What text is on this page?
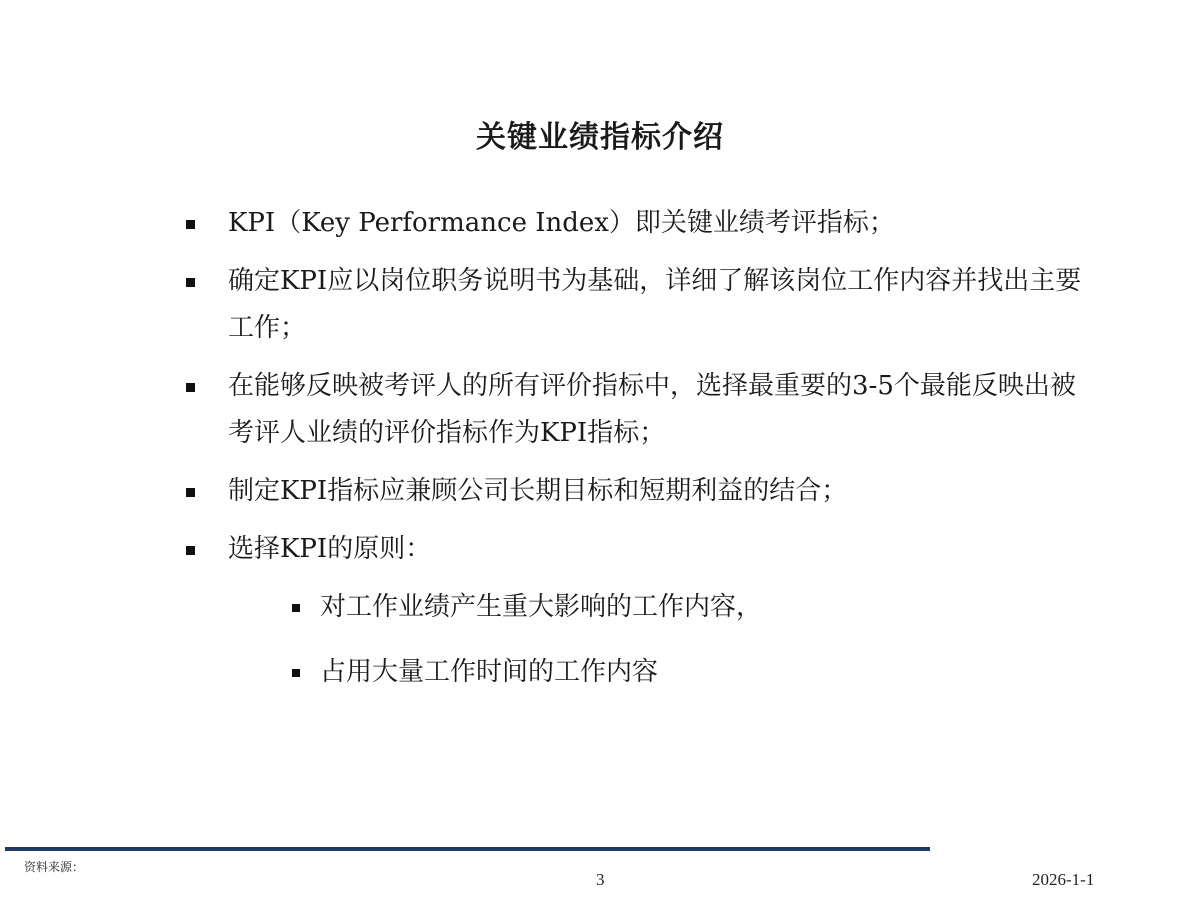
关键业绩指标介绍
KPI（Key Performance Index）即关键业绩考评指标；
确定KPI应以岗位职务说明书为基础，详细了解该岗位工作内容并找出主要工作；
在能够反映被考评人的所有评价指标中，选择最重要的3-5个最能反映出被考评人业绩的评价指标作为KPI指标；
制定KPI指标应兼顾公司长期目标和短期利益的结合；
选择KPI的原则：
对工作业绩产生重大影响的工作内容，
占用大量工作时间的工作内容
资料来源：
3	2026-1-1
